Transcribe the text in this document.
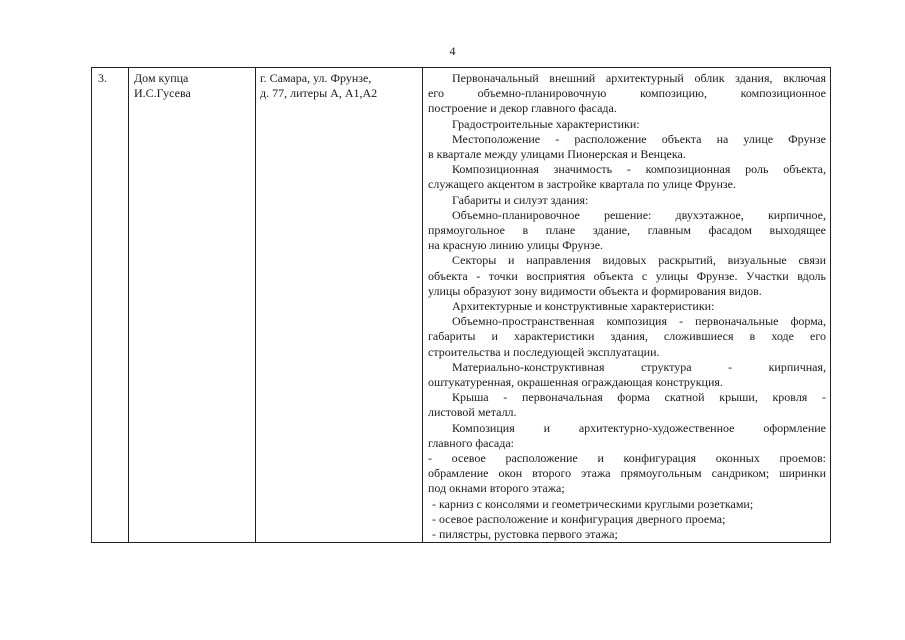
4
3.	Дом купца
И.С.Гусева
г. Самара, ул. Фрунзе,
д. 77, литеры А, А1,А2
Первоначальный внешний архитектурный облик здания, включая
его объемно-планировочную композицию, композиционное
построение и декор главного фасада.
Градостроительные характеристики:
Местоположение - расположение объекта на улице Фрунзе
в квартале между улицами Пионерская и Венцека.
Композиционная значимость - композиционная роль объекта,
служащего акцентом в застройке квартала по улице Фрунзе.
Габариты и силуэт здания:
Объемно-планировочное решение: двухэтажное, кирпичное,
прямоугольное в плане здание, главным фасадом выходящее
на красную линию улицы Фрунзе.
Секторы и направления видовых раскрытий, визуальные связи
объекта - точки восприятия объекта с улицы Фрунзе. Участки вдоль
улицы образуют зону видимости объекта и формирования видов.
Архитектурные и конструктивные характеристики:
Объемно-пространственная композиция - первоначальные форма,
габариты и характеристики здания, сложившиеся в ходе его
строительства и последующей эксплуатации.
Материально-конструктивная структура - кирпичная,
оштукатуренная, окрашенная ограждающая конструкция.
Крыша - первоначальная форма скатной крыши, кровля -
листовой металл.
Композиция и архитектурно-художественное оформление
главного фасада:
- осевое расположение и конфигурация оконных проемов:
обрамление окон второго этажа прямоугольным сандриком; ширинки
под окнами второго этажа;
- карниз с консолями и геометрическими круглыми розетками;
- осевое расположение и конфигурация дверного проема;
- пилястры, рустовка первого этажа;
